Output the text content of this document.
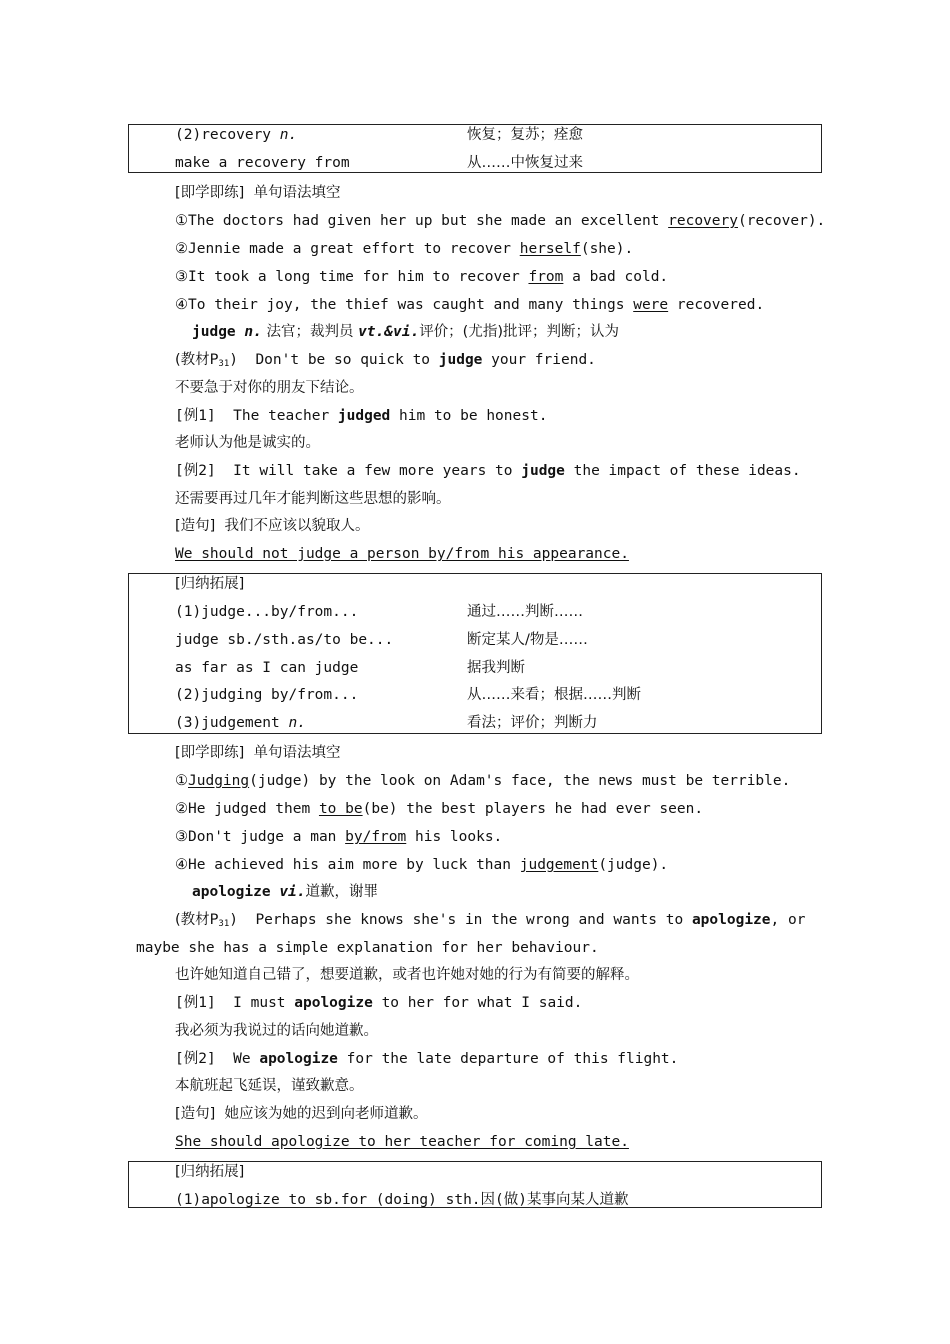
(2)recovery n.	恢复；复苏；痊愈
make a recovery from	从……中恢复过来
[即学即练]  单句语法填空
①The doctors had given her up but she made an excellent recovery(recover).
②Jennie made a great effort to recover herself(she).
③It took a long time for him to recover from a bad cold.
④To their joy, the thief was caught and many things were recovered.
judge n. 法官；裁判员 vt.&vi.评价；(尤指)批评；判断；认为
(教材$P_{31}$)  Don't be so quick to judge your friend.
不要急于对你的朋友下结论。
[例1]  The teacher judged him to be honest.
老师认为他是诚实的。
[例2]  It will take a few more years to judge the impact of these ideas.
还需要再过几年才能判断这些思想的影响。
[造句]  我们不应该以貌取人。
We should not judge a person by/from his appearance.
[归纳拓展]
(1)judge...by/from...	通过……判断……
judge sb./sth.as/to be...	断定某人/物是……
as far as I can judge	据我判断
(2)judging by/from...	从……来看；根据……判断
(3)judgement n.	看法；评价；判断力
[即学即练]  单句语法填空
①Judging(judge) by the look on Adam's face, the news must be terrible.
②He judged them to be(be) the best players he had ever seen.
③Don't judge a man by/from his looks.
④He achieved his aim more by luck than judgement(judge).
apologize vi.道歉，谢罪
(教材$P_{31}$)  Perhaps she knows she's in the wrong and wants to apologize, or
maybe she has a simple explanation for her behaviour.
也许她知道自己错了，想要道歉，或者也许她对她的行为有简要的解释。
[例1]  I must apologize to her for what I said.
我必须为我说过的话向她道歉。
[例2]  We apologize for the late departure of this flight.
本航班起飞延误，谨致歉意。
[造句]  她应该为她的迟到向老师道歉。
She should apologize to her teacher for coming late.
[归纳拓展]
(1)apologize to sb.for (doing) sth.因(做)某事向某人道歉
